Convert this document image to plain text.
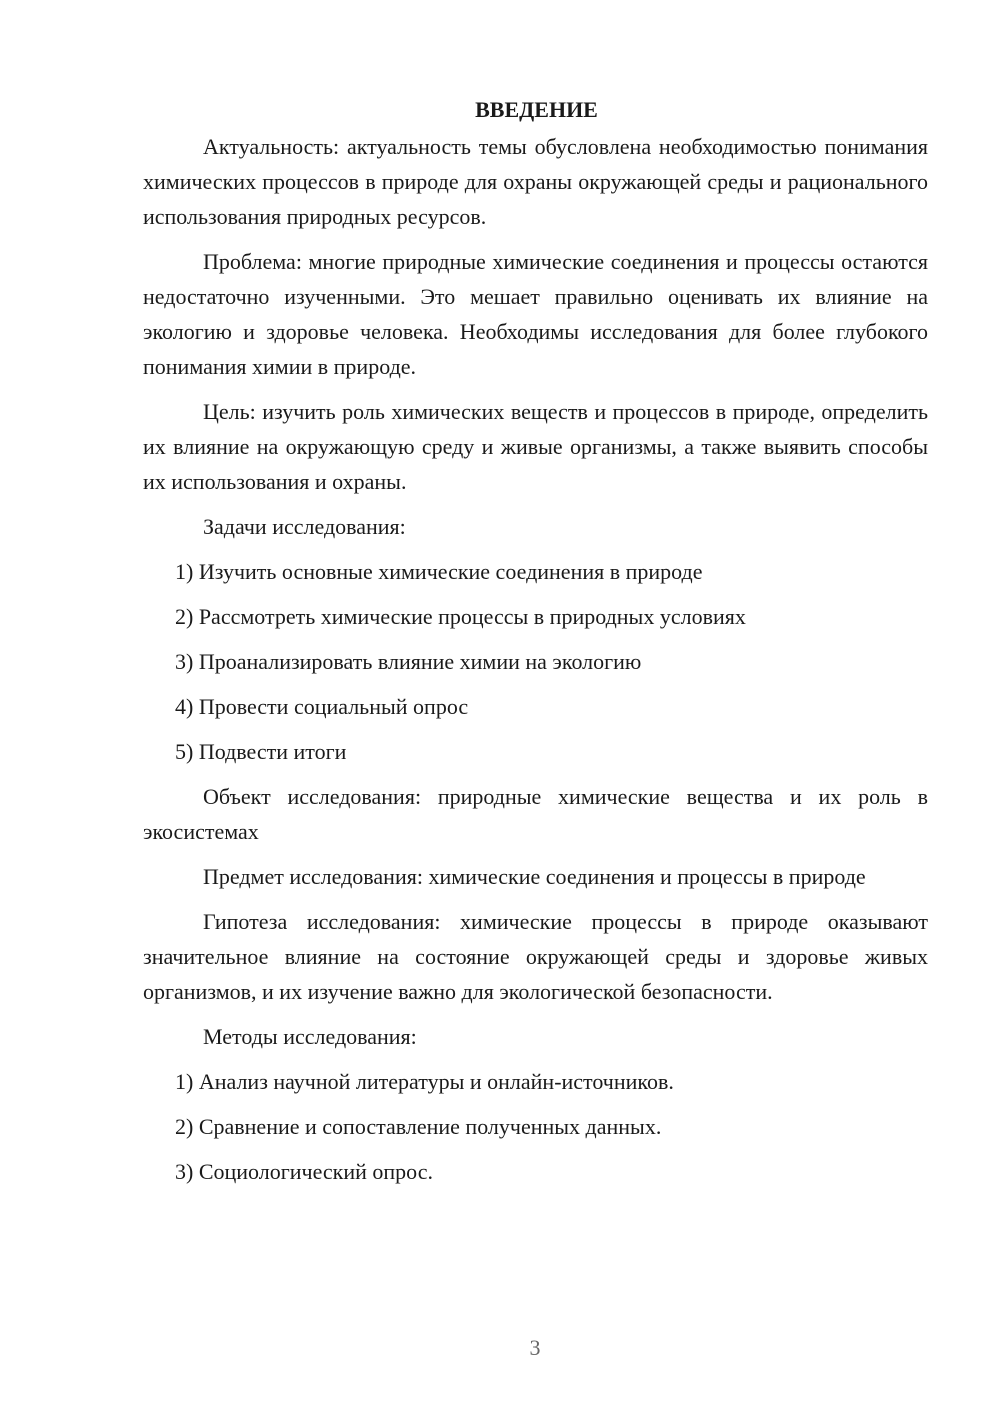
ВВЕДЕНИЕ

Актуальность: актуальность темы обусловлена необходимостью понимания химических процессов в природе для охраны окружающей среды и рационального использования природных ресурсов.

Проблема: многие природные химические соединения и процессы остаются недостаточно изученными. Это мешает правильно оценивать их влияние на экологию и здоровье человека. Необходимы исследования для более глубокого понимания химии в природе.

Цель: изучить роль химических веществ и процессов в природе, определить их влияние на окружающую среду и живые организмы, а также выявить способы их использования и охраны.

Задачи исследования:

1) Изучить основные химические соединения в природе
2) Рассмотреть химические процессы в природных условиях
3) Проанализировать влияние химии на экологию
4) Провести социальный опрос
5) Подвести итоги

Объект исследования: природные химические вещества и их роль в экосистемах

Предмет исследования: химические соединения и процессы в природе

Гипотеза исследования: химические процессы в природе оказывают значительное влияние на состояние окружающей среды и здоровье живых организмов, и их изучение важно для экологической безопасности.

Методы исследования:

1) Анализ научной литературы и онлайн-источников.
2) Сравнение и сопоставление полученных данных.
3) Социологический опрос.
3
